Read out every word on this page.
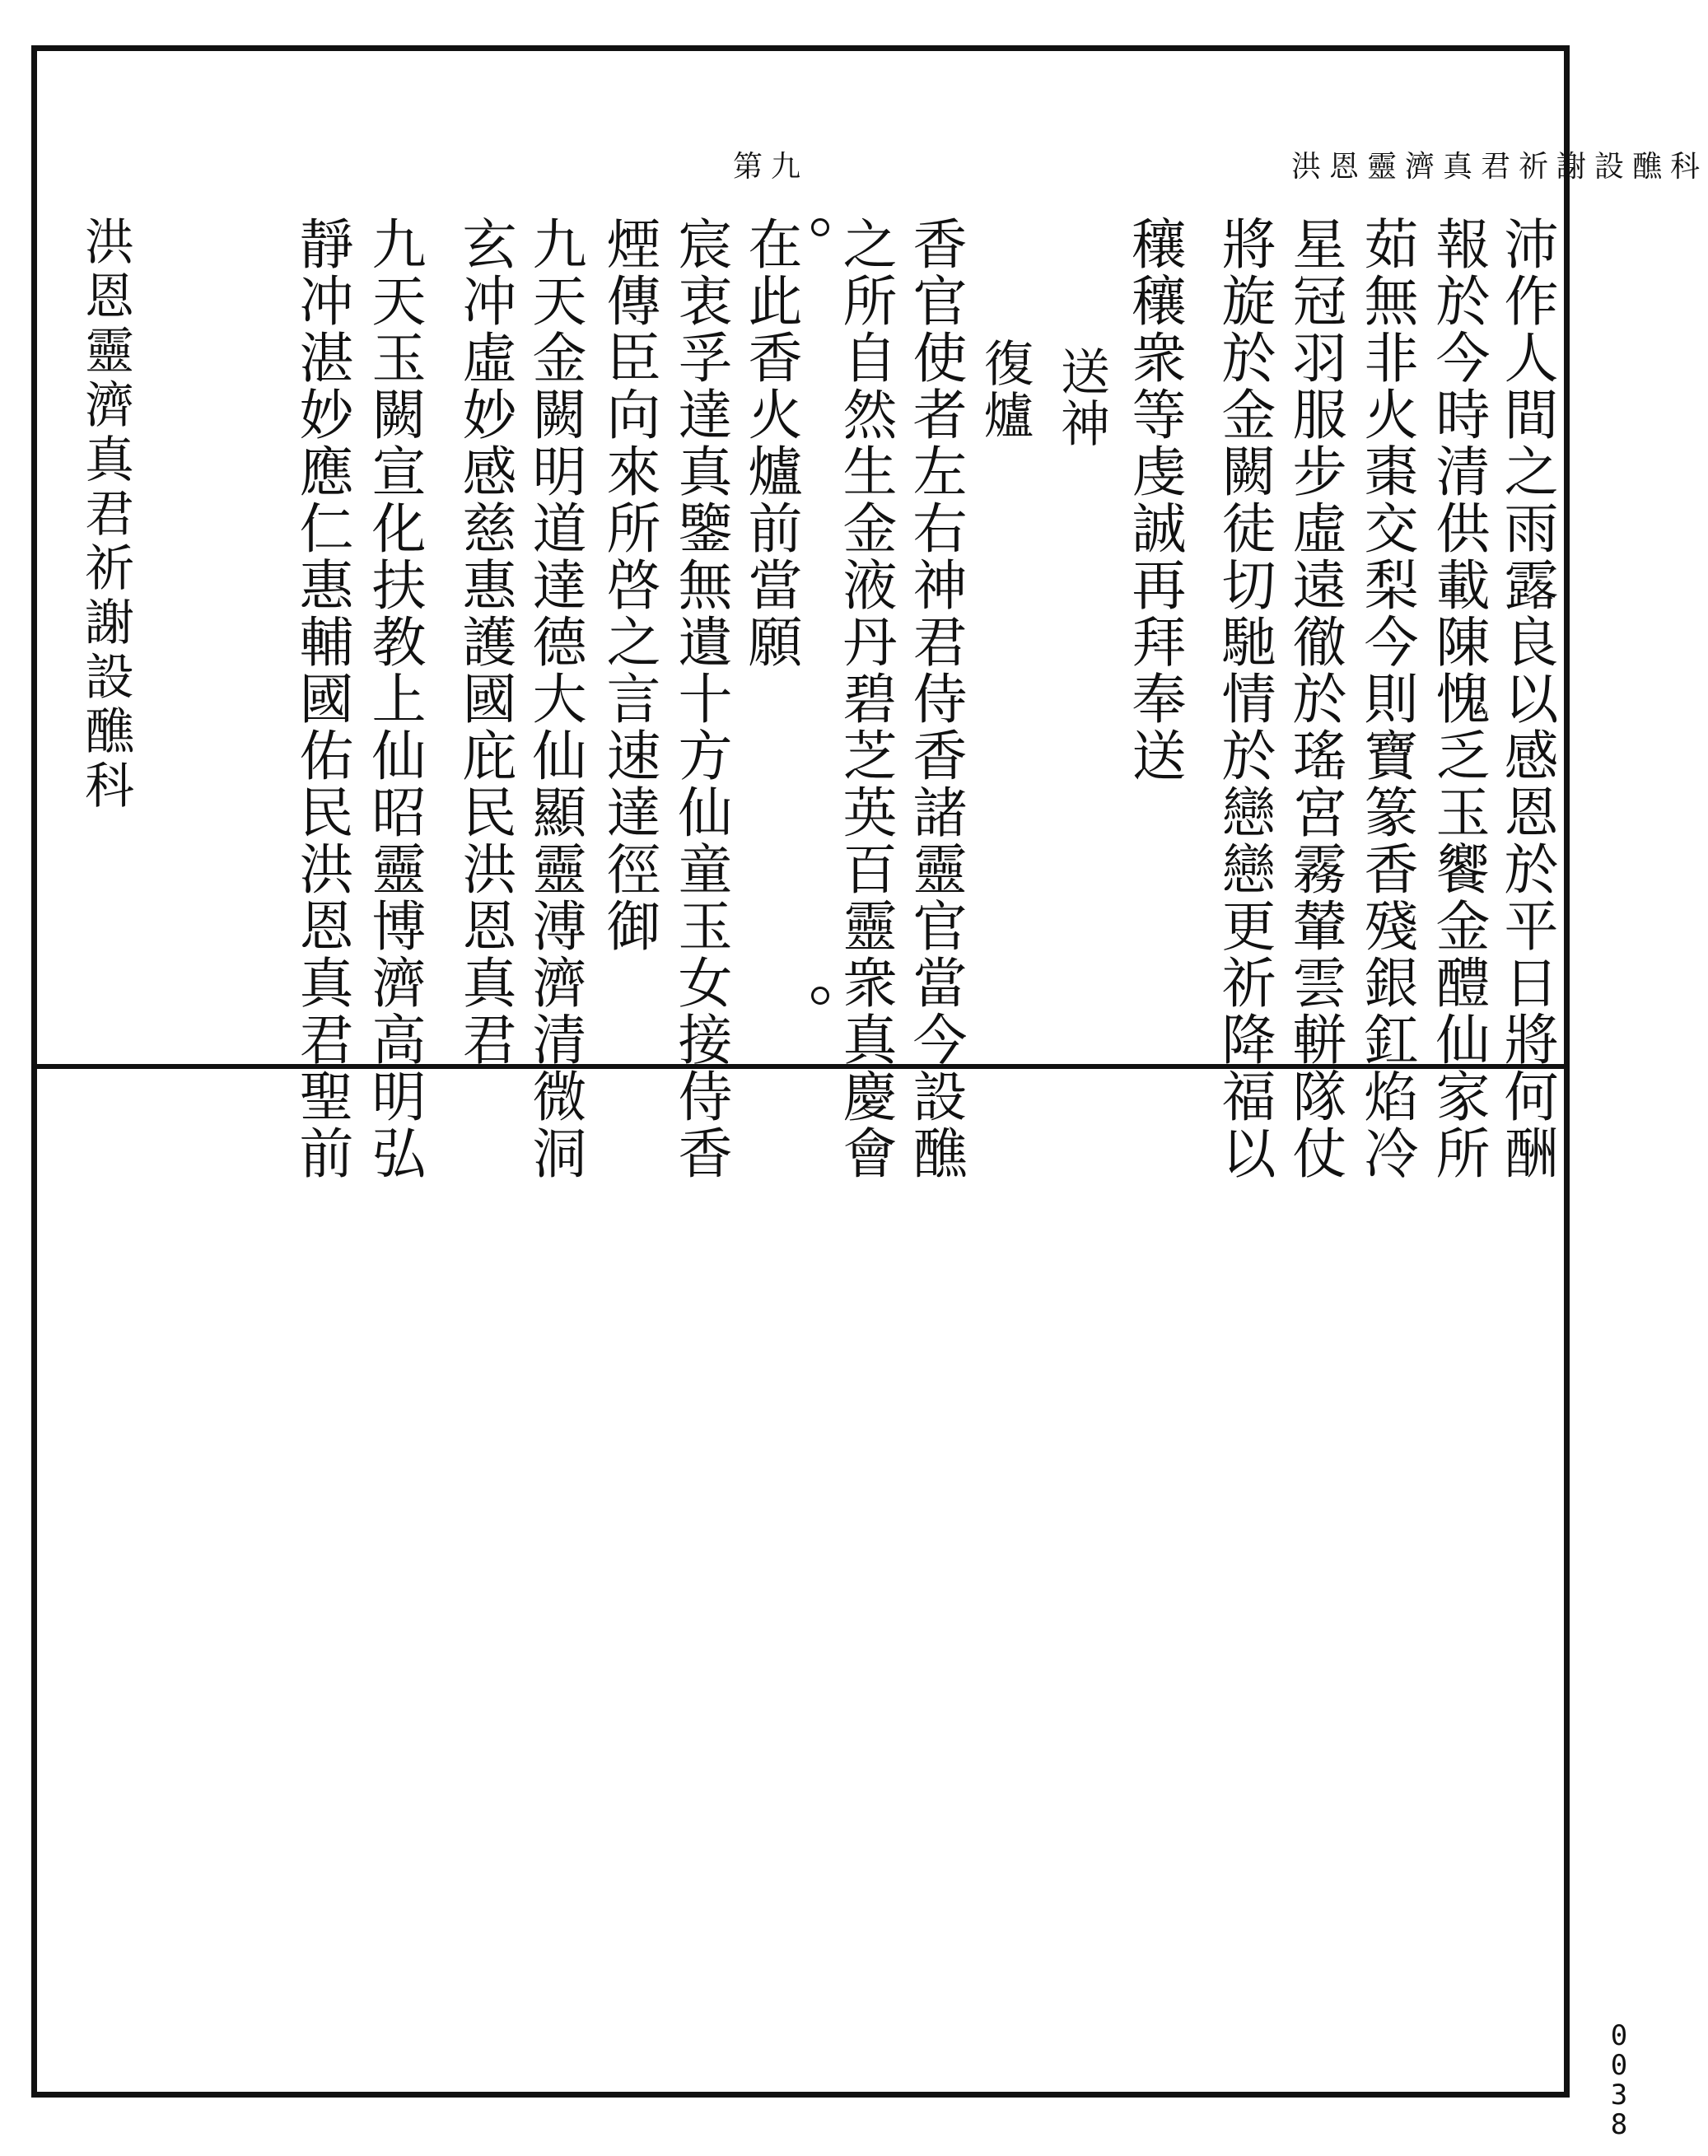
洪恩靈濟真君祈謝設醮科
第九
沛作人間之雨露良以感恩於平日將何酬
報於今時清供載陳愧乏玉饗金醴仙家所
茹無非火棗交梨今則寶篆香殘銀釭焰冷
星冠羽服步虛遠徹於瑤宮霧輦雲軿隊仗
將旋於金闕徒切馳情於戀戀更祈降福以
穰穰衆等虔誠再拜奉送
送神
復爐
香官使者左右神君侍香諸靈官當今設醮
之所自然生金液丹碧芝英百靈衆真慶會
在此香火爐前當願
宸衷孚達真鑒無遺十方仙童玉女接侍香
煙傳臣向來所啓之言速達徑御
九天金闕明道達德大仙顯靈溥濟清微洞
玄冲虛妙感慈惠護國庇民洪恩真君
九天玉闕宣化扶教上仙昭靈博濟高明弘
靜冲湛妙應仁惠輔國佑民洪恩真君聖前
洪恩靈濟真君祈謝設醮科
0038
